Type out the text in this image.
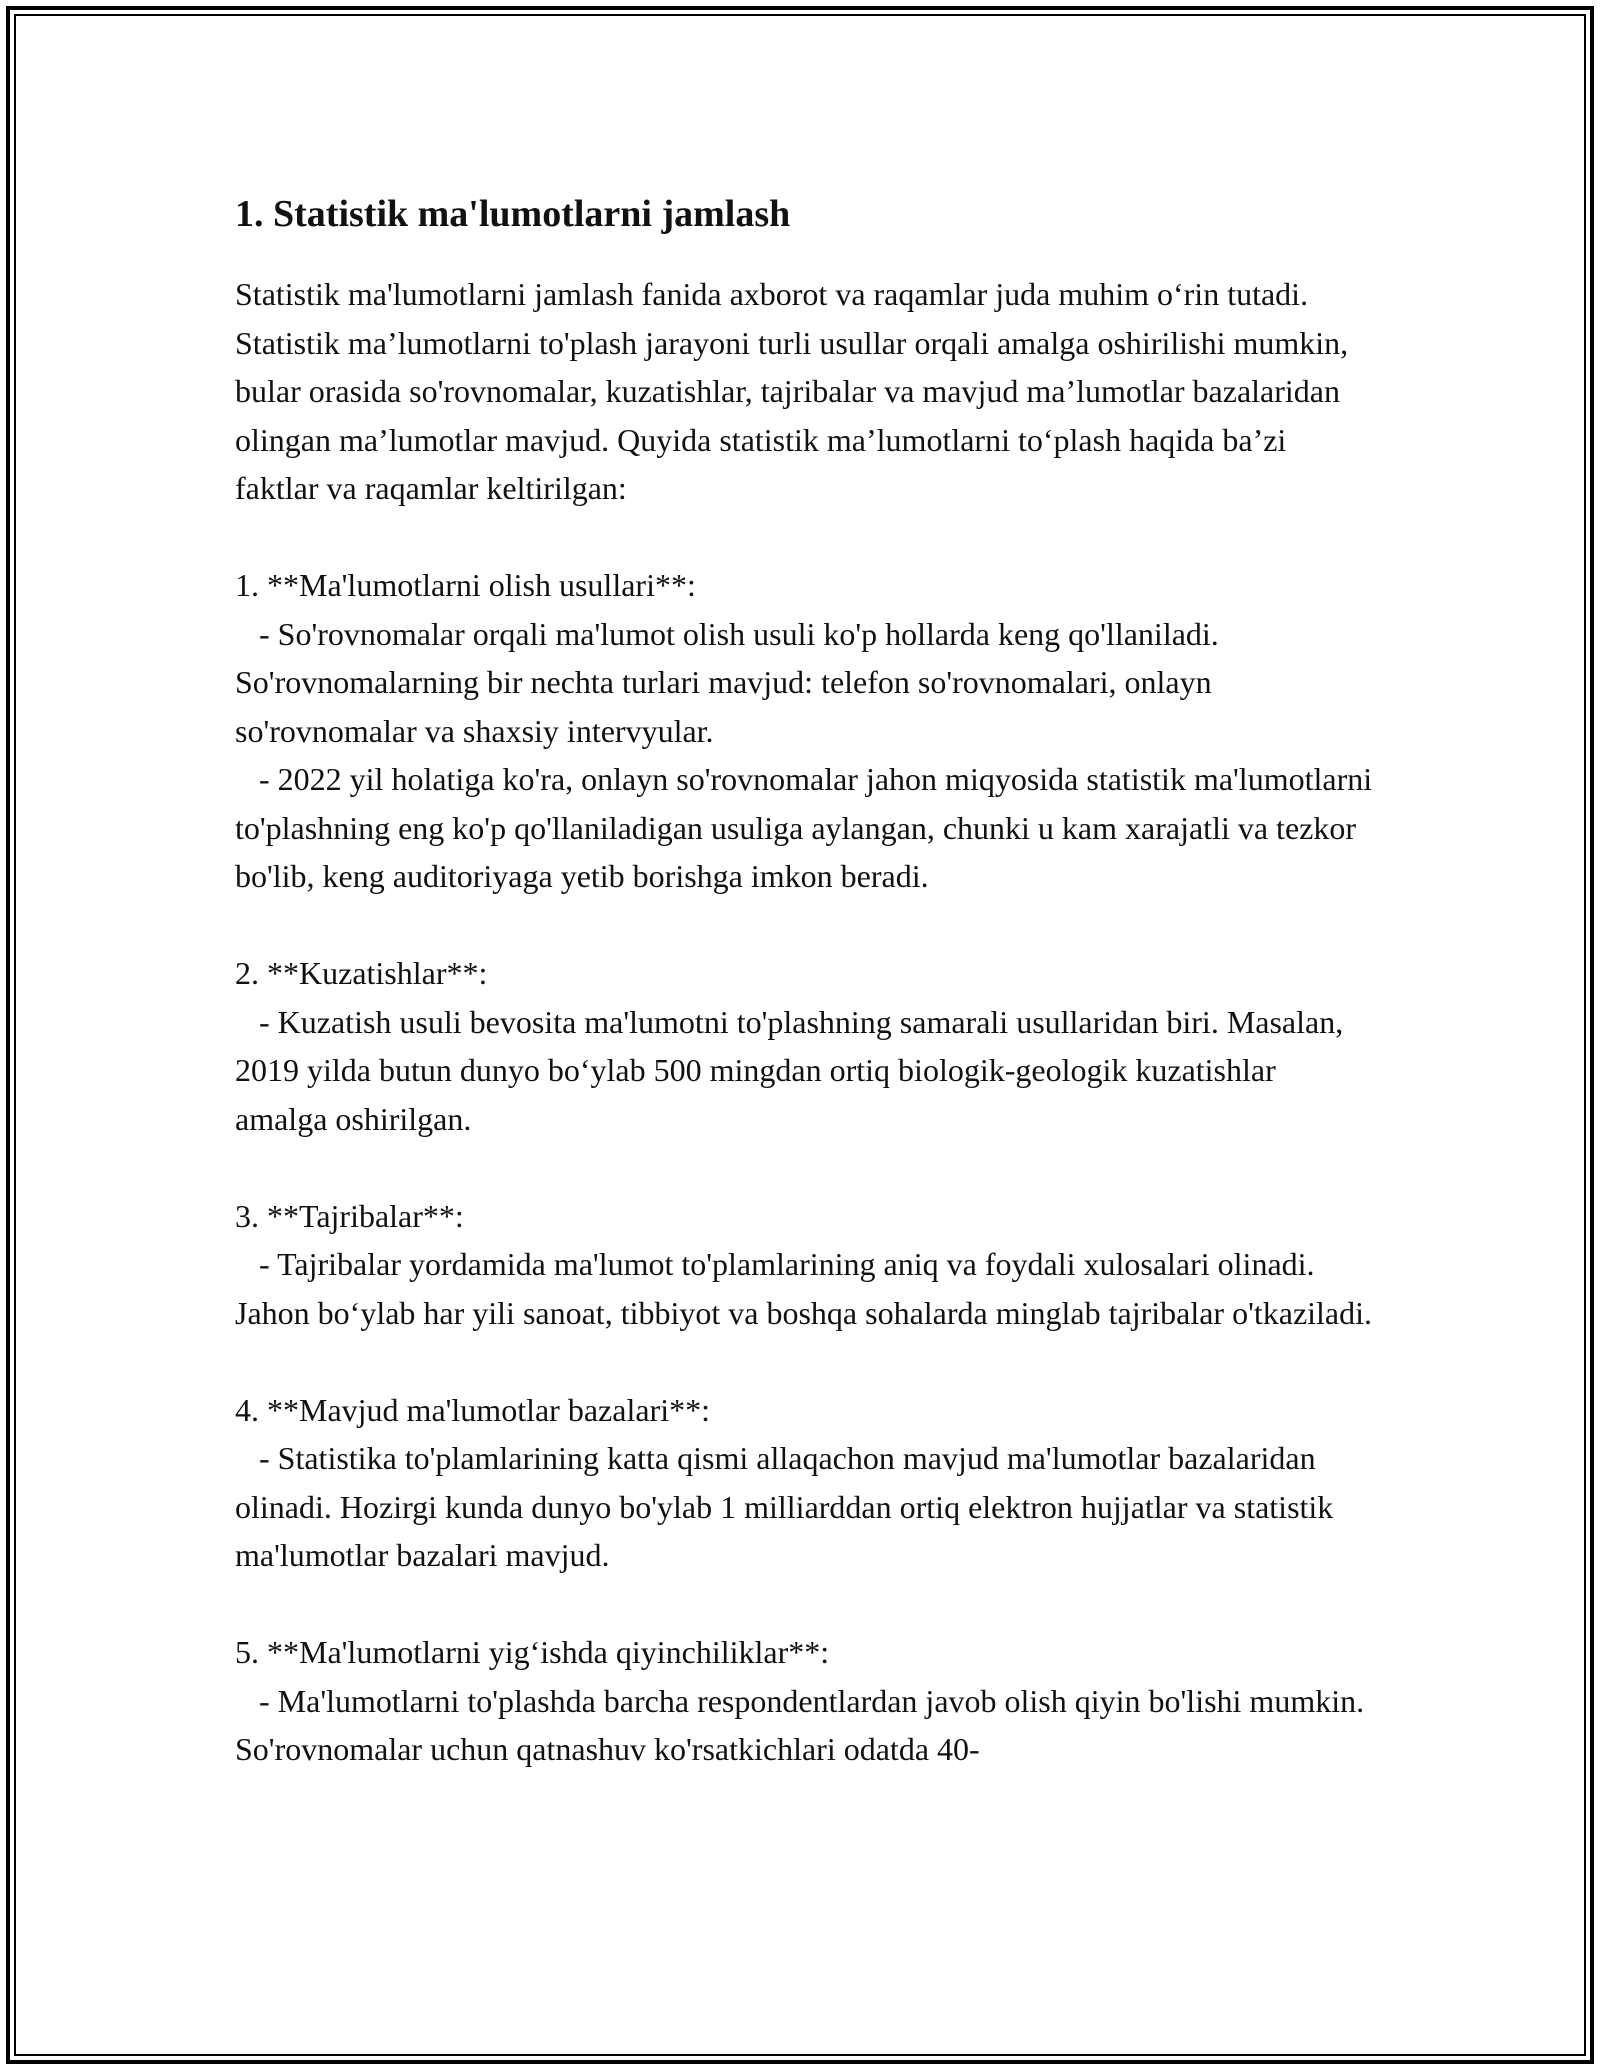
1. Statistik ma'lumotlarni jamlash

Statistik ma'lumotlarni jamlash fanida axborot va raqamlar juda muhim o‘rin tutadi. Statistik ma’lumotlarni to'plash jarayoni turli usullar orqali amalga oshirilishi mumkin, bular orasida so'rovnomalar, kuzatishlar, tajribalar va mavjud ma’lumotlar bazalaridan olingan ma’lumotlar mavjud. Quyida statistik ma’lumotlarni to‘plash haqida ba’zi faktlar va raqamlar keltirilgan:

1. **Ma'lumotlarni olish usullari**:

- So'rovnomalar orqali ma'lumot olish usuli ko'p hollarda keng qo'llaniladi. So'rovnomalarning bir nechta turlari mavjud: telefon so'rovnomalari, onlayn so'rovnomalar va shaxsiy intervyular.

- 2022 yil holatiga ko'ra, onlayn so'rovnomalar jahon miqyosida statistik ma'lumotlarni to'plashning eng ko'p qo'llaniladigan usuliga aylangan, chunki u kam xarajatli va tezkor bo'lib, keng auditoriyaga yetib borishga imkon beradi.

2. **Kuzatishlar**:

- Kuzatish usuli bevosita ma'lumotni to'plashning samarali usullaridan biri. Masalan, 2019 yilda butun dunyo bo‘ylab 500 mingdan ortiq biologik-geologik kuzatishlar amalga oshirilgan.

3. **Tajribalar**:

- Tajribalar yordamida ma'lumot to'plamlarining aniq va foydali xulosalari olinadi. Jahon bo‘ylab har yili sanoat, tibbiyot va boshqa sohalarda minglab tajribalar o'tkaziladi.

4. **Mavjud ma'lumotlar bazalari**:

- Statistika to'plamlarining katta qismi allaqachon mavjud ma'lumotlar bazalaridan olinadi. Hozirgi kunda dunyo bo'ylab 1 milliarddan ortiq elektron hujjatlar va statistik ma'lumotlar bazalari mavjud.

5. **Ma'lumotlarni yig‘ishda qiyinchiliklar**:

- Ma'lumotlarni to'plashda barcha respondentlardan javob olish qiyin bo'lishi mumkin. So'rovnomalar uchun qatnashuv ko'rsatkichlari odatda 40-
